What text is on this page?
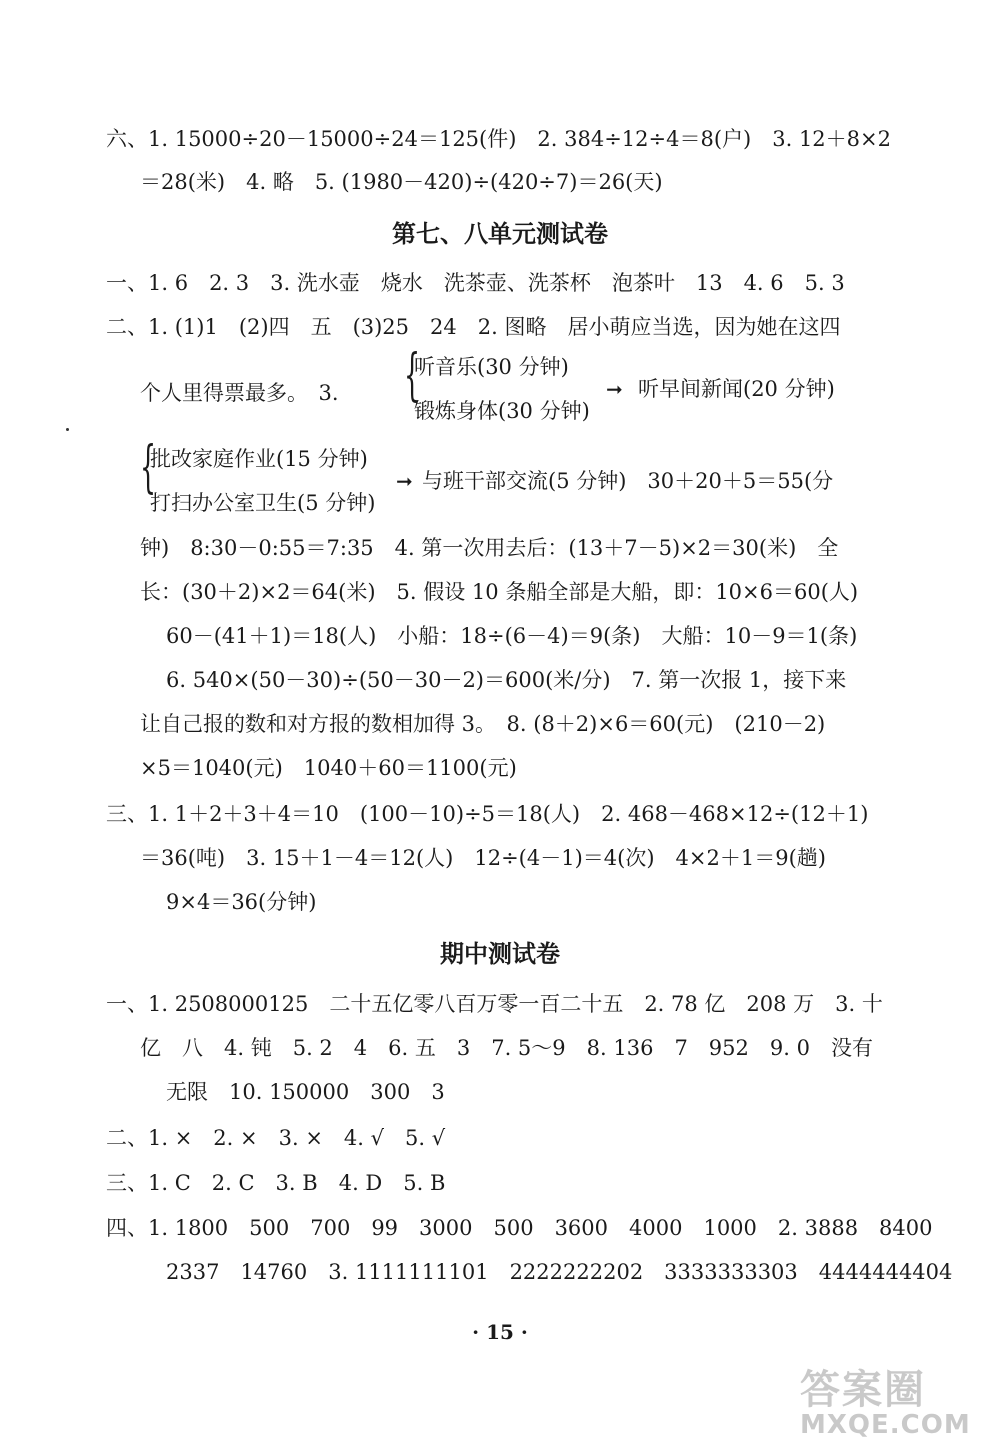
六、1. 15000÷20－15000÷24＝125(件)　2. 384÷12÷4＝8(户)　3. 12＋8×2
＝28(米)　4. 略　5. (1980－420)÷(420÷7)＝26(天)
第七、八单元测试卷
一、1. 6　2. 3　3. 洗水壶　烧水　洗茶壶、洗茶杯　泡茶叶　13　4. 6　5. 3
二、1. (1)1　(2)四　五　(3)25　24　2. 图略　居小萌应当选，因为她在这四
个人里得票最多。　3. {
听音乐(30 分钟)
锻炼身体(30 分钟)
➞ 听早间新闻(20 分钟)
{
批改家庭作业(15 分钟)
打扫办公室卫生(5 分钟)
➞ 与班干部交流(5 分钟)　30＋20＋5＝55(分
钟)　8:30－0:55＝7:35　4. 第一次用去后：(13＋7－5)×2＝30(米)　全
长：(30＋2)×2＝64(米)　5. 假设 10 条船全部是大船，即：10×6＝60(人)
60－(41＋1)＝18(人)　小船：18÷(6－4)＝9(条)　大船：10－9＝1(条)
6. 540×(50－30)÷(50－30－2)＝600(米/分)　7. 第一次报 1，接下来
让自己报的数和对方报的数相加得 3。　8. (8＋2)×6＝60(元)　(210－2)
×5＝1040(元)　1040＋60＝1100(元)
三、1. 1＋2＋3＋4＝10　(100－10)÷5＝18(人)　2. 468－468×12÷(12＋1)
＝36(吨)　3. 15＋1－4＝12(人)　12÷(4－1)＝4(次)　4×2＋1＝9(趟)
9×4＝36(分钟)
期中测试卷
一、1. 2508000125　二十五亿零八百万零一百二十五　2. 78 亿　208 万　3. 十
亿　八　4. 钝　5. 2　4　6. 五　3　7. 5～9　8. 136　7　952　9. 0　没有
无限　10. 150000　300　3
二、1. ×　2. ×　3. ×　4. √　5. √
三、1. C　2. C　3. B　4. D　5. B
四、1. 1800　500　700　99　3000　500　3600　4000　1000　2. 3888　8400
2337　14760　3. 1111111101　2222222202　3333333303　4444444404
· 15 ·
答案圈
MXQE.COM
